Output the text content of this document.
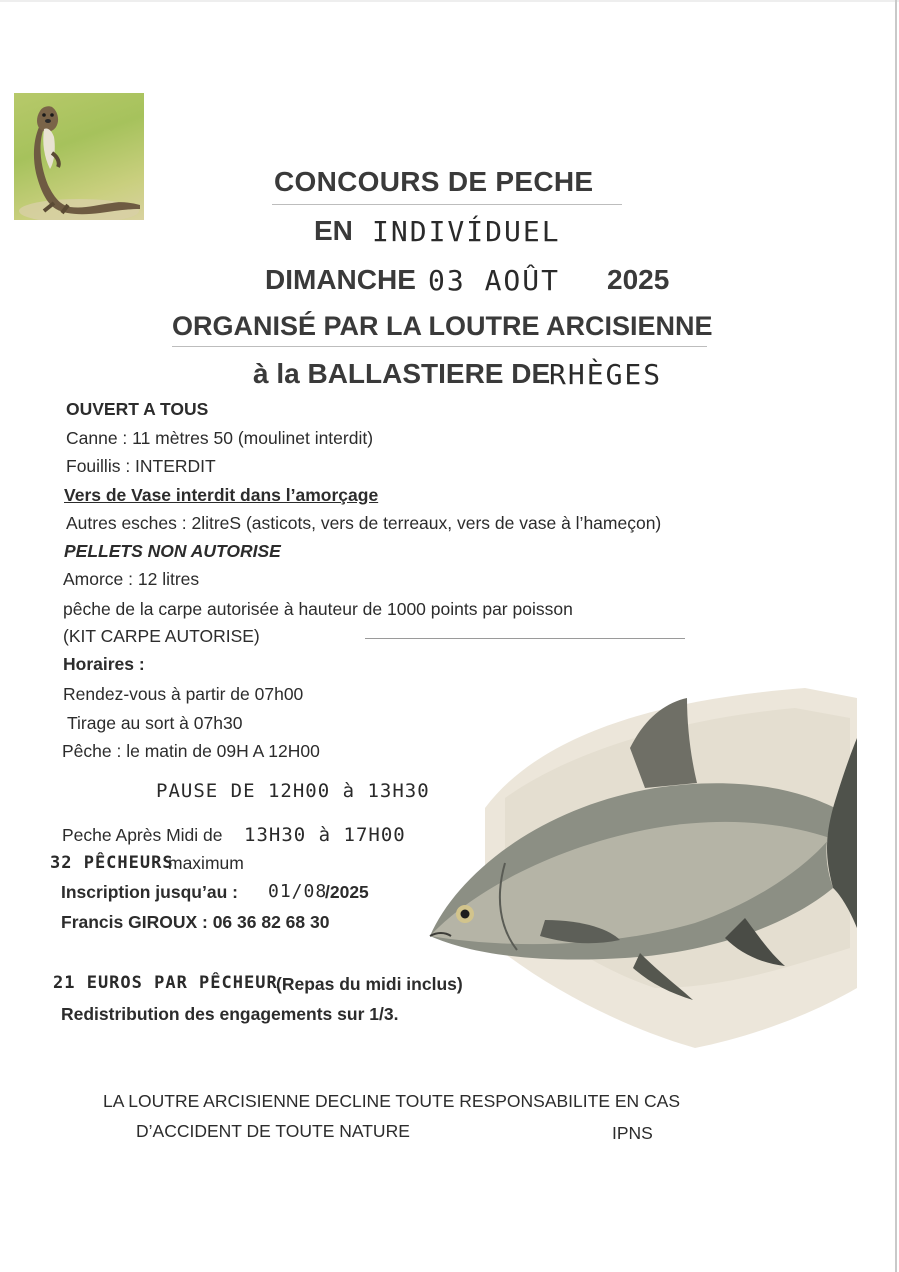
CONCOURS DE PECHE
EN INDIVÍDUEL
DIMANCHE 03 AOÛT 2025
ORGANISÉ PAR LA LOUTRE ARCISIENNE
à la BALLASTIERE DE
RHÈGES
OUVERT A TOUS
Canne : 11 mètres 50 (moulinet interdit)
Fouillis : INTERDIT
Vers de Vase interdit dans l’amorçage
Autres esches : 2litreS (asticots, vers de terreaux, vers de vase à l’hameçon)
PELLETS NON AUTORISE
Amorce : 12 litres
pêche de la carpe autorisée à hauteur de 1000 points par poisson
(KIT CARPE AUTORISE)
Horaires :
Rendez-vous à partir de 07h00
Tirage au sort à 07h30
Pêche : le matin de 09H A 12H00
PAUSE DE 12H00 à 13H30
Peche Après Midi de 13H30 à 17H00
32 PÊCHEURS
maximum
Inscription jusqu’au : 01/08
/2025
Francis GIROUX : 06 36 82 68 30
21 EUROS PAR PÊCHEUR
(Repas du midi inclus)
Redistribution des engagements sur 1/3.
LA LOUTRE ARCISIENNE DECLINE TOUTE RESPONSABILITE EN CAS
D’ACCIDENT DE TOUTE NATURE	IPNS
